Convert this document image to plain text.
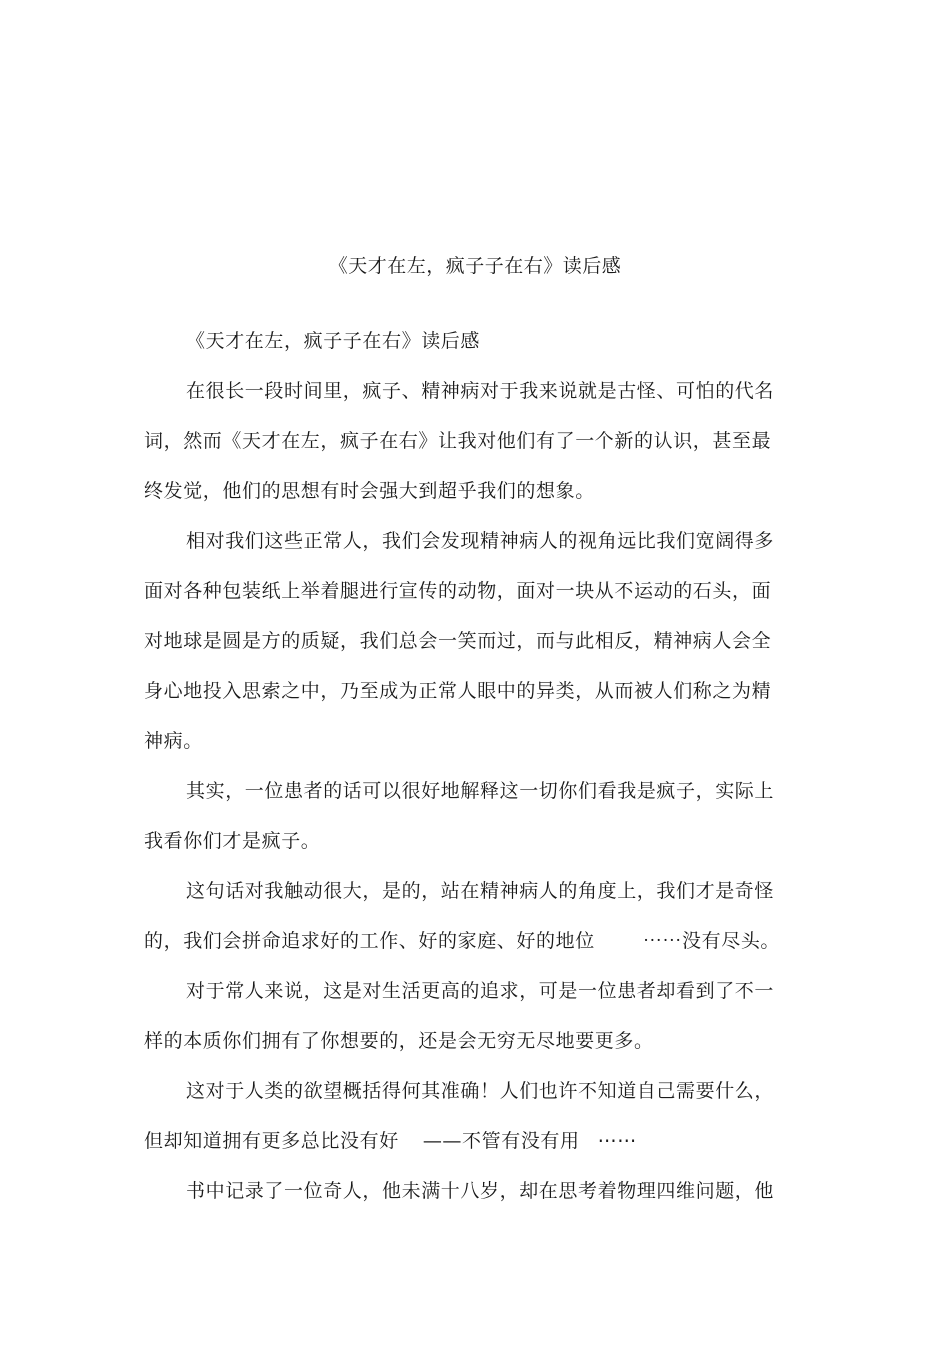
《天才在左，疯子子在右》读后感
《天才在左，疯子子在右》读后感
在很长一段时间里，疯子、精神病对于我来说就是古怪、可怕的代名
词，然而《天才在左，疯子在右》让我对他们有了一个新的认识，甚至最
终发觉，他们的思想有时会强大到超乎我们的想象。
相对我们这些正常人，我们会发现精神病人的视角远比我们宽阔得多
面对各种包装纸上举着腿进行宣传的动物，面对一块从不运动的石头，面
对地球是圆是方的质疑，我们总会一笑而过，而与此相反，精神病人会全
身心地投入思索之中，乃至成为正常人眼中的异类，从而被人们称之为精
神病。
其实，一位患者的话可以很好地解释这一切你们看我是疯子，实际上
我看你们才是疯子。
这句话对我触动很大，是的，站在精神病人的角度上，我们才是奇怪
的，我们会拼命追求好的工作、好的家庭、好的地位	⋯⋯没有尽头。
对于常人来说，这是对生活更高的追求，可是一位患者却看到了不一
样的本质你们拥有了你想要的，还是会无穷无尽地要更多。
这对于人类的欲望概括得何其准确！人们也许不知道自己需要什么，
但却知道拥有更多总比没有好 ——不管有没有用 ⋯⋯
书中记录了一位奇人，他未满十八岁，却在思考着物理四维问题，他
